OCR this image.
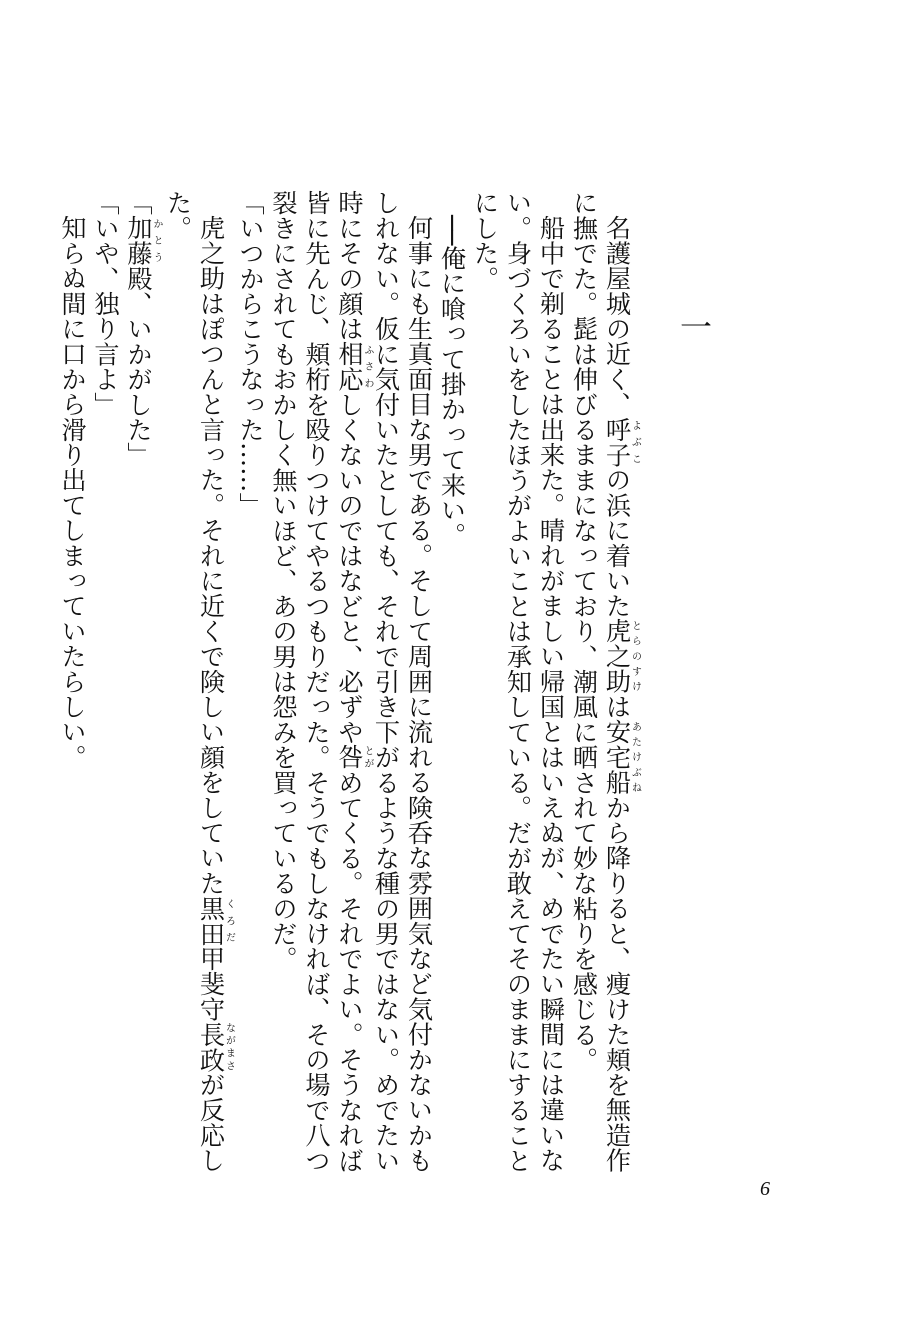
一

名護屋城の近く、呼子よぶこの浜に着いた虎之助とらのすけは安宅船あたけぶねから降りると、痩けた頬を無造作に撫でた。髭は伸びるままになっており、潮風に晒されて妙な粘りを感じる。

船中で剃ることは出来た。晴れがましい帰国とはいえぬが、めでたい瞬間には違いない。身づくろいをしたほうがよいことは承知している。だが敢えてそのままにすることにした。

──俺に喰って掛かって来い。

何事にも生真面目な男である。そして周囲に流れる険呑な雰囲気など気付かないかもしれない。仮に気付いたとしても、それで引き下がるような種の男ではない。めでたい時にその顔は相応ふさわしくないのではなどと、必ずや咎とがめてくる。それでよい。そうなれば皆に先んじ、頬桁を殴りつけてやるつもりだった。そうでもしなければ、その場で八つ裂きにされてもおかしく無いほど、あの男は怨みを買っているのだ。

「いつからこうなった……」

虎之助はぽつんと言った。それに近くで険しい顔をしていた黒田くろだ甲斐守長政ながまさが反応した。

「加藤かとう殿、いかがした」

「いや、独り言よ」

知らぬ間に口から滑り出てしまっていたらしい。

6
